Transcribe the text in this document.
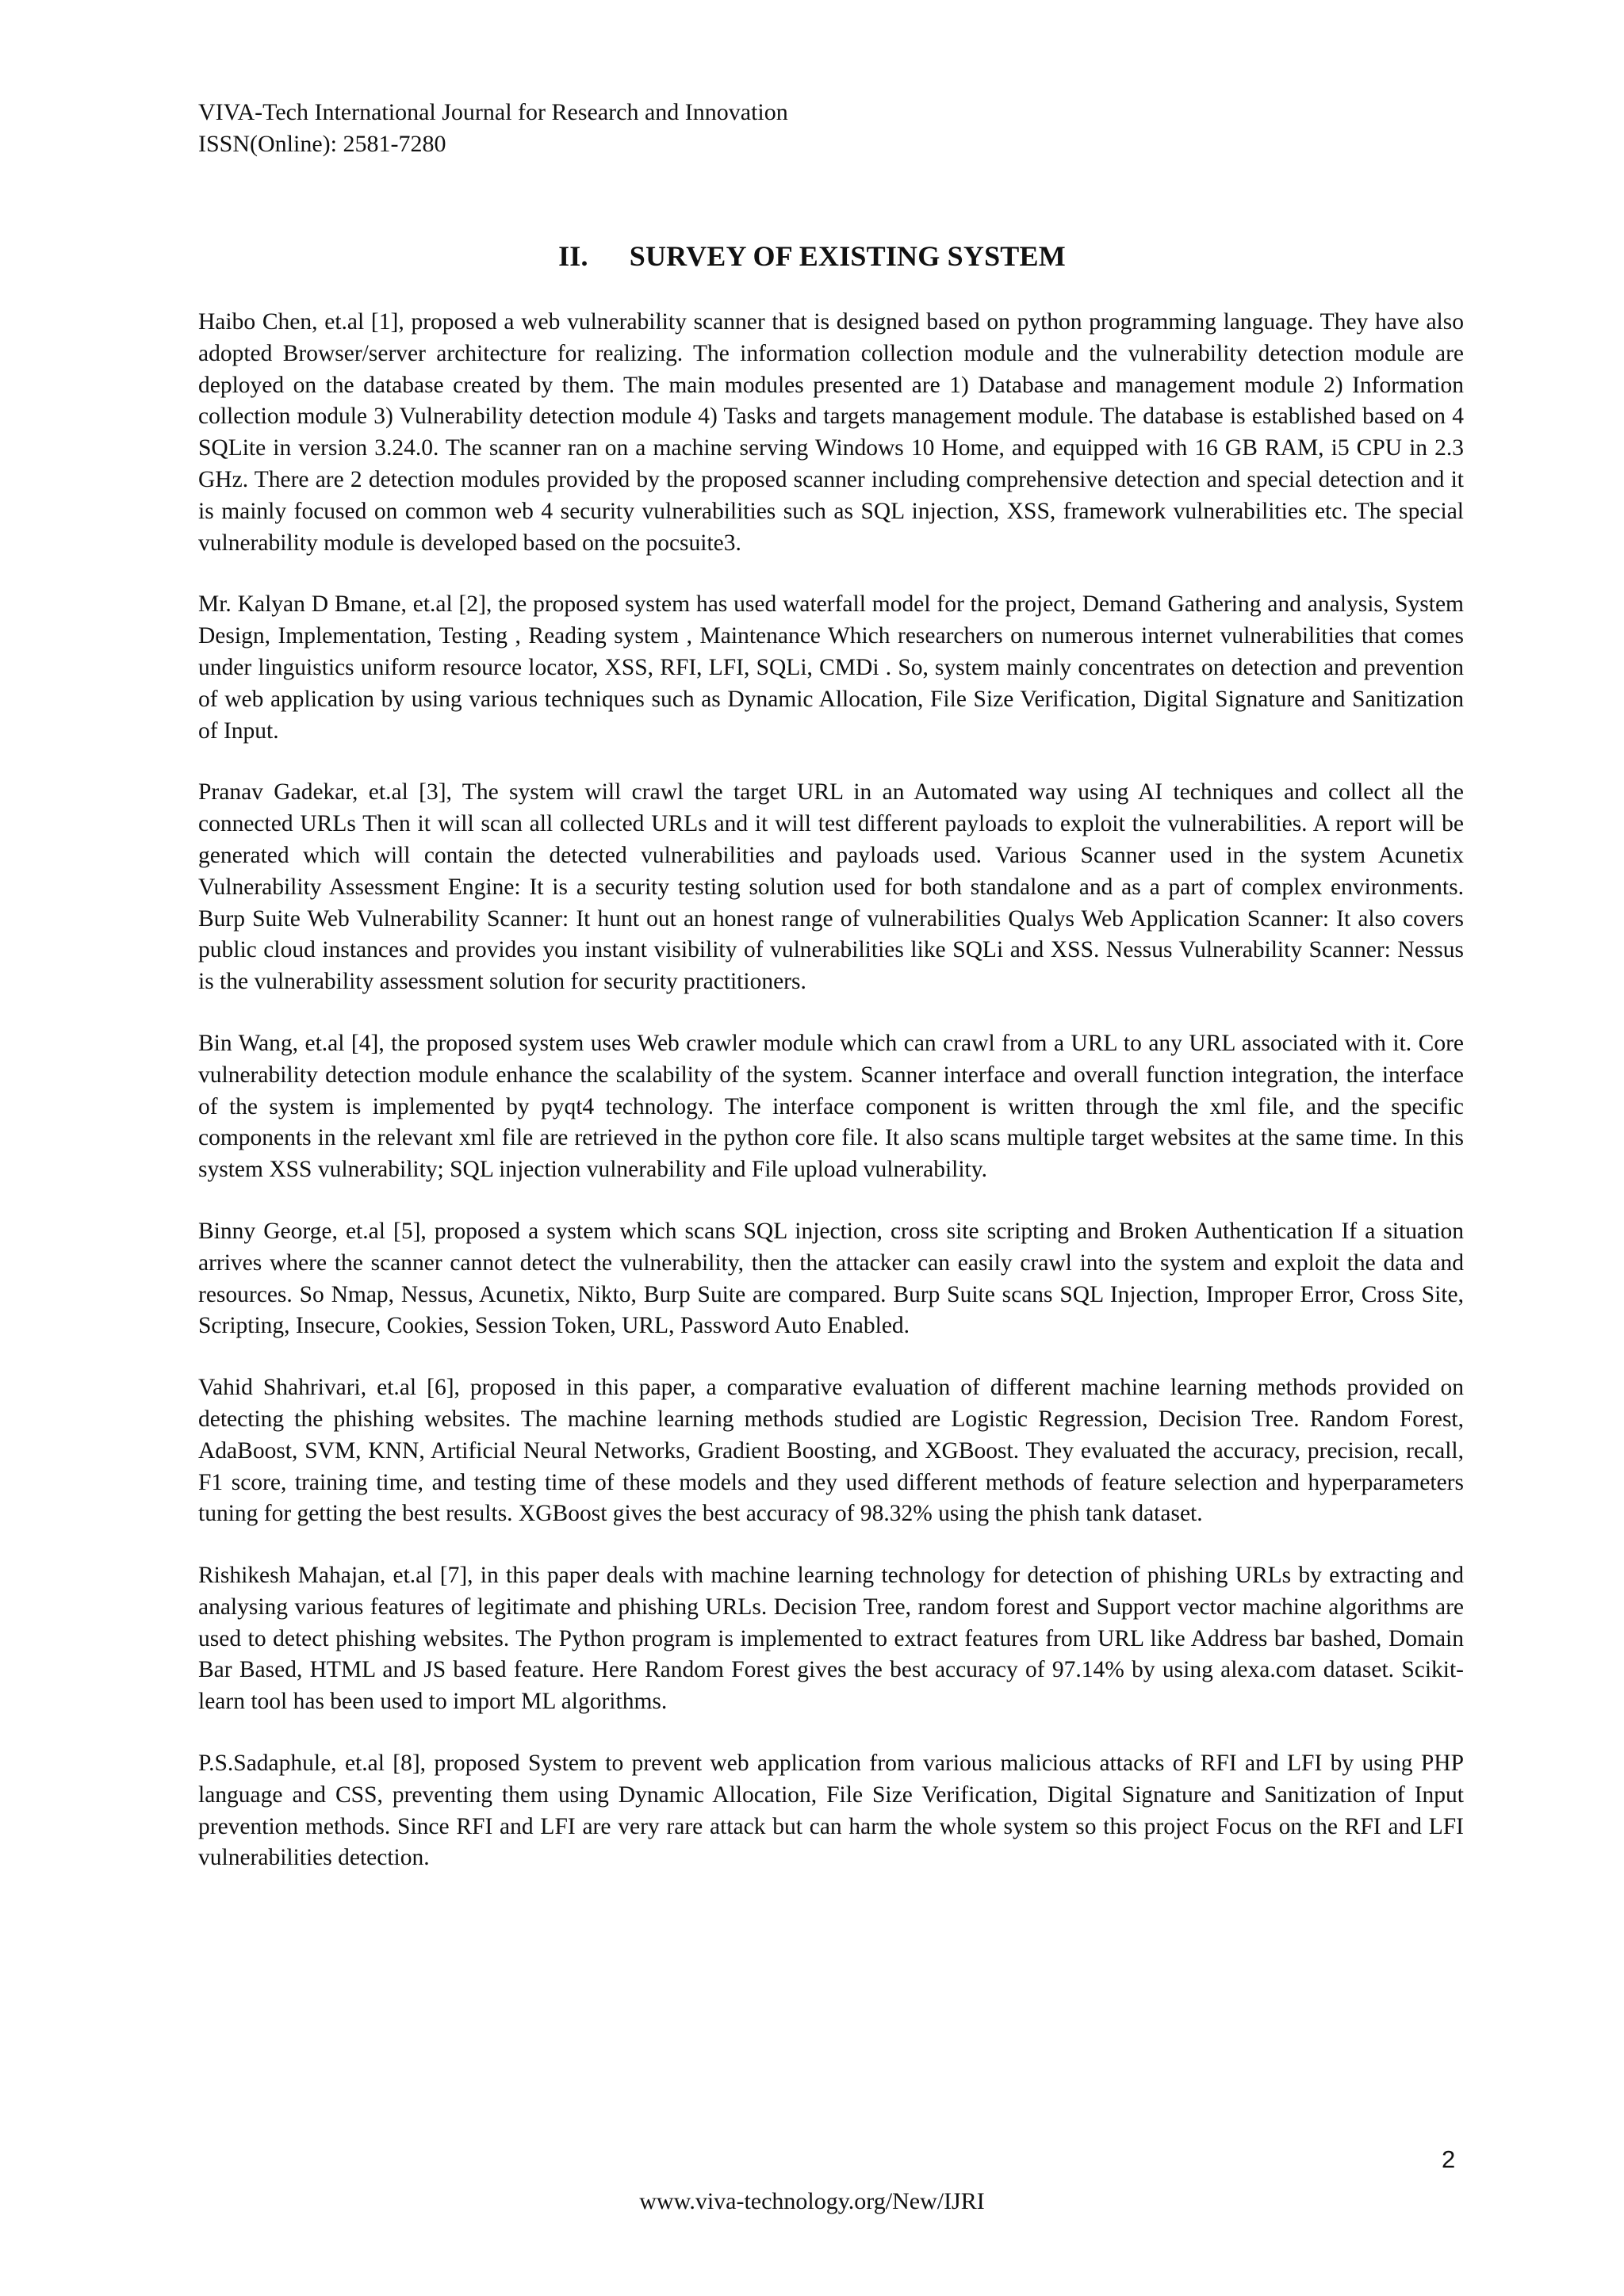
VIVA-Tech International Journal for Research and Innovation
ISSN(Online): 2581-7280
II. SURVEY OF EXISTING SYSTEM

Haibo Chen, et.al [1], proposed a web vulnerability scanner that is designed based on python programming language. They have also adopted Browser/server architecture for realizing. The information collection module and the vulnerability detection module are deployed on the database created by them. The main modules presented are 1) Database and management module 2) Information collection module 3) Vulnerability detection module 4) Tasks and targets management module. The database is established based on 4 SQLite in version 3.24.0. The scanner ran on a machine serving Windows 10 Home, and equipped with 16 GB RAM, i5 CPU in 2.3 GHz. There are 2 detection modules provided by the proposed scanner including comprehensive detection and special detection and it is mainly focused on common web 4 security vulnerabilities such as SQL injection, XSS, framework vulnerabilities etc. The special vulnerability module is developed based on the pocsuite3.

Mr. Kalyan D Bmane, et.al [2], the proposed system has used waterfall model for the project, Demand Gathering and analysis, System Design, Implementation, Testing , Reading system , Maintenance Which researchers on numerous internet vulnerabilities that comes under linguistics uniform resource locator, XSS, RFI, LFI, SQLi, CMDi . So, system mainly concentrates on detection and prevention of web application by using various techniques such as Dynamic Allocation, File Size Verification, Digital Signature and Sanitization of Input.

Pranav Gadekar, et.al [3], The system will crawl the target URL in an Automated way using AI techniques and collect all the connected URLs Then it will scan all collected URLs and it will test different payloads to exploit the vulnerabilities. A report will be generated which will contain the detected vulnerabilities and payloads used. Various Scanner used in the system Acunetix Vulnerability Assessment Engine: It is a security testing solution used for both standalone and as a part of complex environments. Burp Suite Web Vulnerability Scanner: It hunt out an honest range of vulnerabilities Qualys Web Application Scanner: It also covers public cloud instances and provides you instant visibility of vulnerabilities like SQLi and XSS. Nessus Vulnerability Scanner: Nessus is the vulnerability assessment solution for security practitioners.

Bin Wang, et.al [4], the proposed system uses Web crawler module which can crawl from a URL to any URL associated with it. Core vulnerability detection module enhance the scalability of the system. Scanner interface and overall function integration, the interface of the system is implemented by pyqt4 technology. The interface component is written through the xml file, and the specific components in the relevant xml file are retrieved in the python core file. It also scans multiple target websites at the same time. In this system XSS vulnerability; SQL injection vulnerability and File upload vulnerability.

Binny George, et.al [5], proposed a system which scans SQL injection, cross site scripting and Broken Authentication If a situation arrives where the scanner cannot detect the vulnerability, then the attacker can easily crawl into the system and exploit the data and resources. So Nmap, Nessus, Acunetix, Nikto, Burp Suite are compared. Burp Suite scans SQL Injection, Improper Error, Cross Site, Scripting, Insecure, Cookies, Session Token, URL, Password Auto Enabled.

Vahid Shahrivari, et.al [6], proposed in this paper, a comparative evaluation of different machine learning methods provided on detecting the phishing websites. The machine learning methods studied are Logistic Regression, Decision Tree. Random Forest, AdaBoost, SVM, KNN, Artificial Neural Networks, Gradient Boosting, and XGBoost. They evaluated the accuracy, precision, recall, F1 score, training time, and testing time of these models and they used different methods of feature selection and hyperparameters tuning for getting the best results. XGBoost gives the best accuracy of 98.32% using the phish tank dataset.

Rishikesh Mahajan, et.al [7], in this paper deals with machine learning technology for detection of phishing URLs by extracting and analysing various features of legitimate and phishing URLs. Decision Tree, random forest and Support vector machine algorithms are used to detect phishing websites. The Python program is implemented to extract features from URL like Address bar bashed, Domain Bar Based, HTML and JS based feature. Here Random Forest gives the best accuracy of 97.14% by using alexa.com dataset. Scikit-learn tool has been used to import ML algorithms.

P.S.Sadaphule, et.al [8], proposed System to prevent web application from various malicious attacks of RFI and LFI by using PHP language and CSS, preventing them using Dynamic Allocation, File Size Verification, Digital Signature and Sanitization of Input prevention methods. Since RFI and LFI are very rare attack but can harm the whole system so this project Focus on the RFI and LFI vulnerabilities detection.

2
www.viva-technology.org/New/IJRI
